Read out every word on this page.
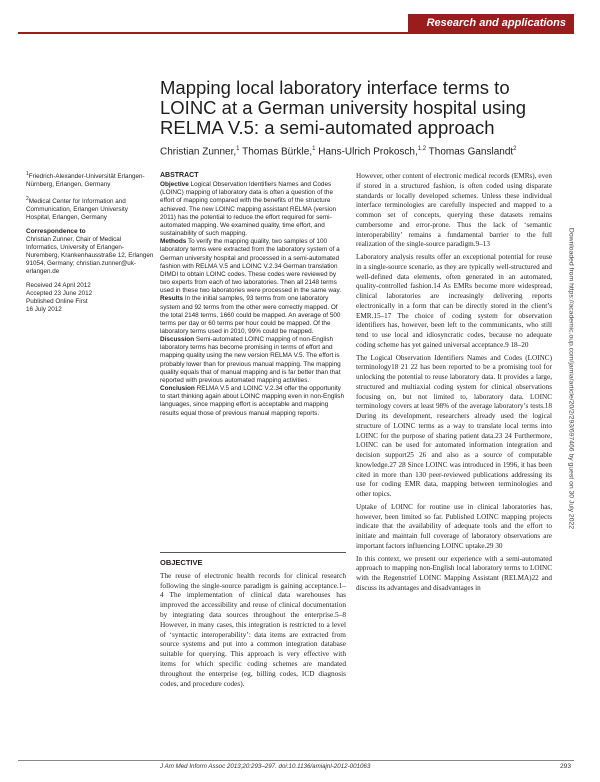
Research and applications
Mapping local laboratory interface terms to LOINC at a German university hospital using RELMA V.5: a semi-automated approach
Christian Zunner,$^1$ Thomas Bürkle,$^1$ Hans-Ulrich Prokosch,$^{1,2}$ Thomas Ganslandt$^2$

$^1$Friedrich-Alexander-Universität Erlangen-Nürnberg, Erlangen, Germany

$^2$Medical Center for Information and Communication, Erlangen University Hospital, Erlangen, Germany

Correspondence to

Christian Zunner, Chair of Medical Informatics, University of Erlangen-Nuremberg, Krankenhausstraße 12, Erlangen 91054, Germany; christian.zunner@uk-erlangen.de

Received 24 April 2012
Accepted 23 June 2012
Published Online First
16 July 2012
ABSTRACT

Objective Logical Observation Identifiers Names and Codes (LOINC) mapping of laboratory data is often a question of the effort of mapping compared with the benefits of the structure achieved. The new LOINC mapping assistant RELMA (version 2011) has the potential to reduce the effort required for semi-automated mapping. We examined quality, time effort, and sustainability of such mapping.

Methods To verify the mapping quality, two samples of 100 laboratory terms were extracted from the laboratory system of a German university hospital and processed in a semi-automated fashion with RELMA V.5 and LOINC V.2.34 German translation DIMDI to obtain LOINC codes. These codes were reviewed by two experts from each of two laboratories. Then all 2148 terms used in these two laboratories were processed in the same way.

Results In the initial samples, 93 terms from one laboratory system and 92 terms from the other were correctly mapped. Of the total 2148 terms, 1660 could be mapped. An average of 500 terms per day or 60 terms per hour could be mapped. Of the laboratory terms used in 2010, 99% could be mapped.

Discussion Semi-automated LOINC mapping of non-English laboratory terms has become promising in terms of effort and mapping quality using the new version RELMA V.5. The effort is probably lower than for previous manual mapping. The mapping quality equals that of manual mapping and is far better than that reported with previous automated mapping activities.

Conclusion RELMA V.5 and LOINC V.2.34 offer the opportunity to start thinking again about LOINC mapping even in non-English languages, since mapping effort is acceptable and mapping results equal those of previous manual mapping reports.

OBJECTIVE

The reuse of electronic health records for clinical research following the single-source paradigm is gaining acceptance.1–4 The implementation of clinical data warehouses has improved the accessibility and reuse of clinical documentation by integrating data sources throughout the enterprise.5–8 However, in many cases, this integration is restricted to a level of ‘syntactic interoperability’: data items are extracted from source systems and put into a common integration database suitable for querying. This approach is very effective with items for which specific coding schemes are mandated throughout the enterprise (eg, billing codes, ICD diagnosis codes, and procedure codes).

However, other content of electronic medical records (EMRs), even if stored in a structured fashion, is often coded using disparate standards or locally developed schemes. Unless these individual interface terminologies are carefully inspected and mapped to a common set of concepts, querying these datasets remains cumbersome and error-prone. Thus the lack of ‘semantic interoperability’ remains a fundamental barrier to the full realization of the single-source paradigm.9–13

Laboratory analysis results offer an exceptional potential for reuse in a single-source scenario, as they are typically well-structured and well-defined data elements, often generated in an automated, quality-controlled fashion.14 As EMRs become more widespread, clinical laboratories are increasingly delivering reports electronically in a form that can be directly stored in the client’s EMR.15–17 The choice of coding system for observation identifiers has, however, been left to the communicants, who still tend to use local and idiosyncratic codes, because no adequate coding scheme has yet gained universal acceptance.9 18–20

The Logical Observation Identifiers Names and Codes (LOINC) terminology18 21 22 has been reported to be a promising tool for unlocking the potential to reuse laboratory data. It provides a large, structured and multiaxial coding system for clinical observations focusing on, but not limited to, laboratory data. LOINC terminology covers at least 98% of the average laboratory’s tests.18 During its development, researchers already used the logical structure of LOINC terms as a way to translate local terms into LOINC for the purpose of sharing patient data.23 24 Furthermore, LOINC can be used for automated information integration and decision support25 26 and also as a source of computable knowledge.27 28 Since LOINC was introduced in 1996, it has been cited in more than 130 peer-reviewed publications addressing its use for coding EMR data, mapping between terminologies and other topics.

Uptake of LOINC for routine use in clinical laboratories has, however, been limited so far. Published LOINC mapping projects indicate that the availability of adequate tools and the effort to initiate and maintain full coverage of laboratory observations are important factors influencing LOINC uptake.29 30

In this context, we present our experience with a semi-automated approach to mapping non-English local laboratory terms to LOINC with the Regenstrief LOINC Mapping Assistant (RELMA)22 and discuss its advantages and disadvantages in

Downloaded from https://academic.oup.com/jamia/article/20/2/293/697466 by guest on 30 July 2022
J Am Med Inform Assoc 2013;20:293–297. doi:10.1136/amiajnl-2012-001063	293
